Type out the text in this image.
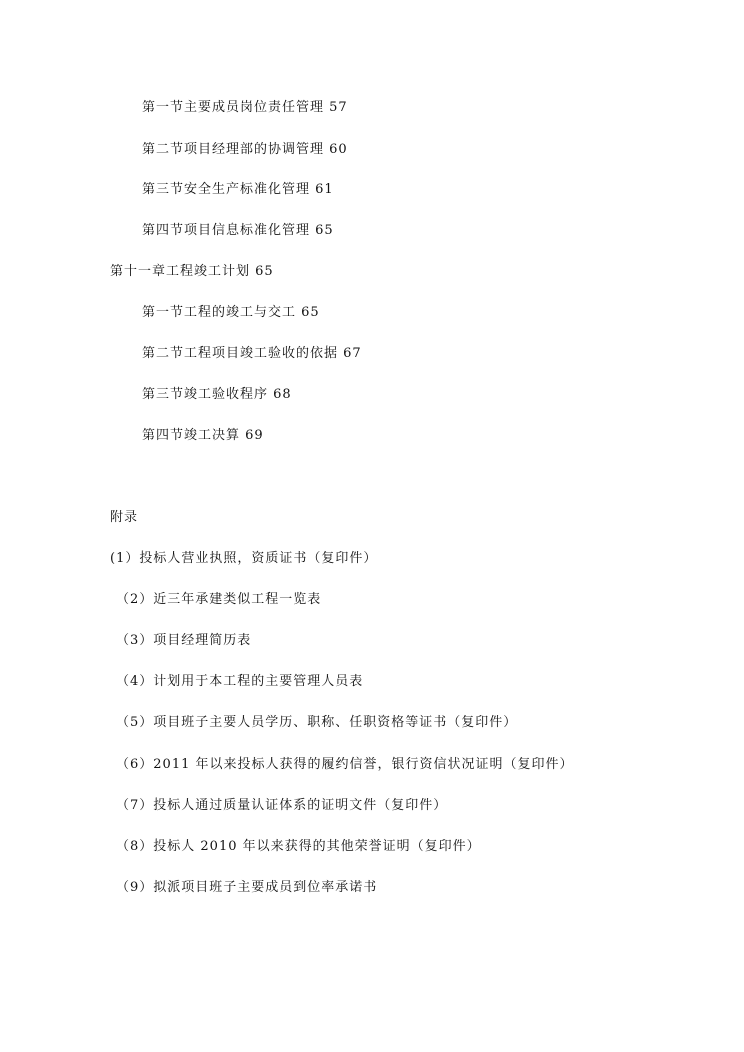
第一节主要成员岗位责任管理 57
第二节项目经理部的协调管理 60
第三节安全生产标准化管理 61
第四节项目信息标准化管理 65
第十一章工程竣工计划 65
第一节工程的竣工与交工 65
第二节工程项目竣工验收的依据 67
第三节竣工验收程序 68
第四节竣工决算 69
附录
(1）投标人营业执照，资质证书（复印件）
（2）近三年承建类似工程一览表
（3）项目经理简历表
（4）计划用于本工程的主要管理人员表
（5）项目班子主要人员学历、职称、任职资格等证书（复印件）
（6）2011 年以来投标人获得的履约信誉，银行资信状况证明（复印件）
（7）投标人通过质量认证体系的证明文件（复印件）
（8）投标人 2010 年以来获得的其他荣誉证明（复印件）
（9）拟派项目班子主要成员到位率承诺书
